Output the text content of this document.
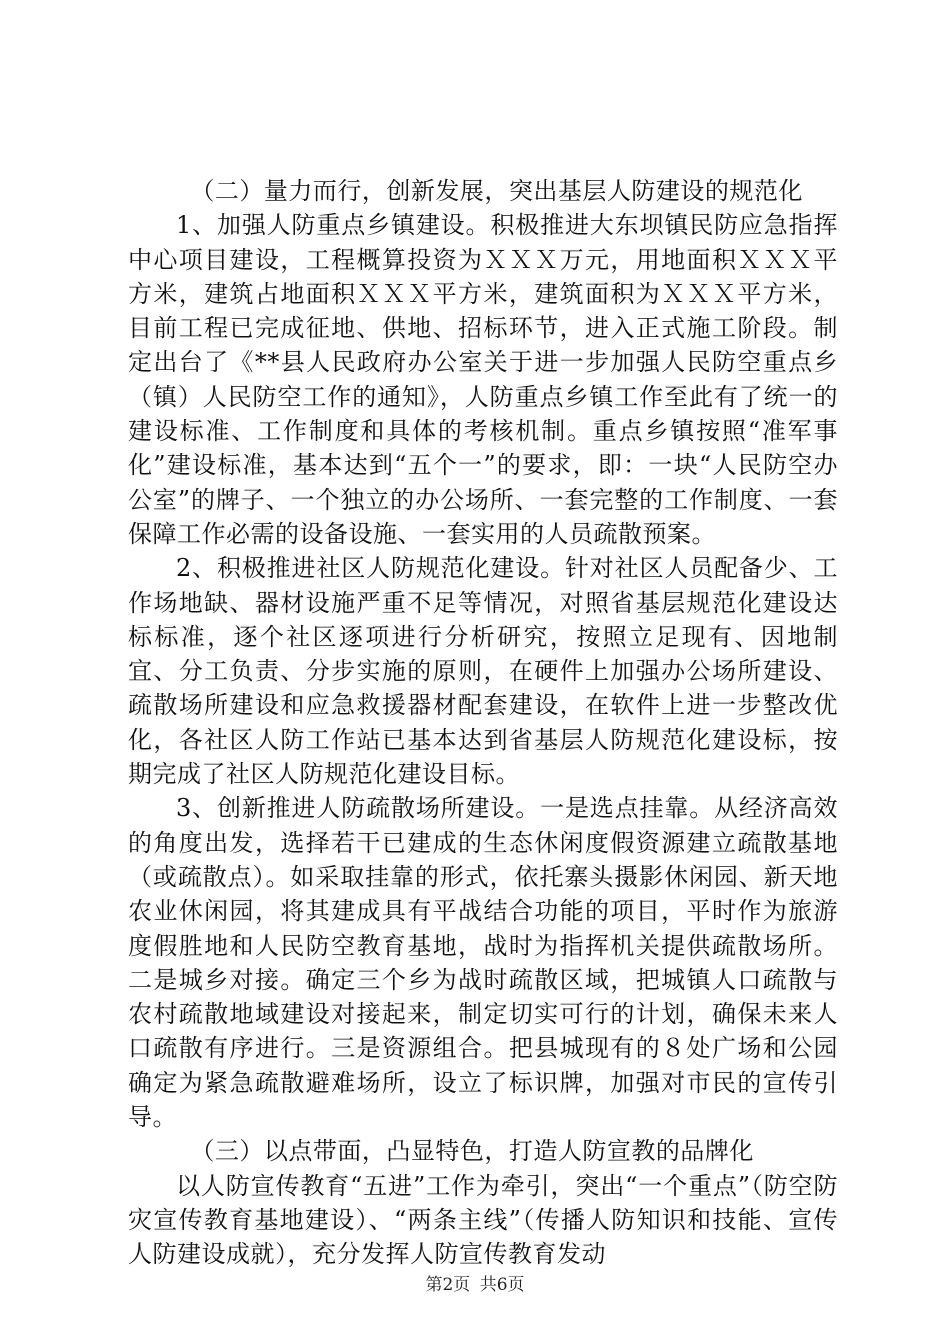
（二）量力而行，创新发展，突出基层人防建设的规范化

1、加强人防重点乡镇建设。积极推进大东坝镇民防应急指挥中心项目建设，工程概算投资为ＸＸＸ万元，用地面积ＸＸＸ平方米，建筑占地面积ＸＸＸ平方米，建筑面积为ＸＸＸ平方米，目前工程已完成征地、供地、招标环节，进入正式施工阶段。制定出台了《**县人民政府办公室关于进一步加强人民防空重点乡（镇）人民防空工作的通知》，人防重点乡镇工作至此有了统一的建设标准、工作制度和具体的考核机制。重点乡镇按照“准军事化”建设标准，基本达到“五个一”的要求，即：一块“人民防空办公室”的牌子、一个独立的办公场所、一套完整的工作制度、一套保障工作必需的设备设施、一套实用的人员疏散预案。

2、积极推进社区人防规范化建设。针对社区人员配备少、工作场地缺、器材设施严重不足等情况，对照省基层规范化建设达标标准，逐个社区逐项进行分析研究，按照立足现有、因地制宜、分工负责、分步实施的原则，在硬件上加强办公场所建设、疏散场所建设和应急救援器材配套建设，在软件上进一步整改优化，各社区人防工作站已基本达到省基层人防规范化建设标，按期完成了社区人防规范化建设目标。

3、创新推进人防疏散场所建设。一是选点挂靠。从经济高效的角度出发，选择若干已建成的生态休闲度假资源建立疏散基地（或疏散点）。如采取挂靠的形式，依托寨头摄影休闲园、新天地农业休闲园，将其建成具有平战结合功能的项目，平时作为旅游度假胜地和人民防空教育基地，战时为指挥机关提供疏散场所。二是城乡对接。确定三个乡为战时疏散区域，把城镇人口疏散与农村疏散地域建设对接起来，制定切实可行的计划，确保未来人口疏散有序进行。三是资源组合。把县城现有的８处广场和公园确定为紧急疏散避难场所，设立了标识牌，加强对市民的宣传引导。

（三）以点带面，凸显特色，打造人防宣教的品牌化

以人防宣传教育“五进”工作为牵引，突出“一个重点”（防空防灾宣传教育基地建设）、“两条主线”（传播人防知识和技能、宣传人防建设成就），充分发挥人防宣传教育发动

第2页 共6页
